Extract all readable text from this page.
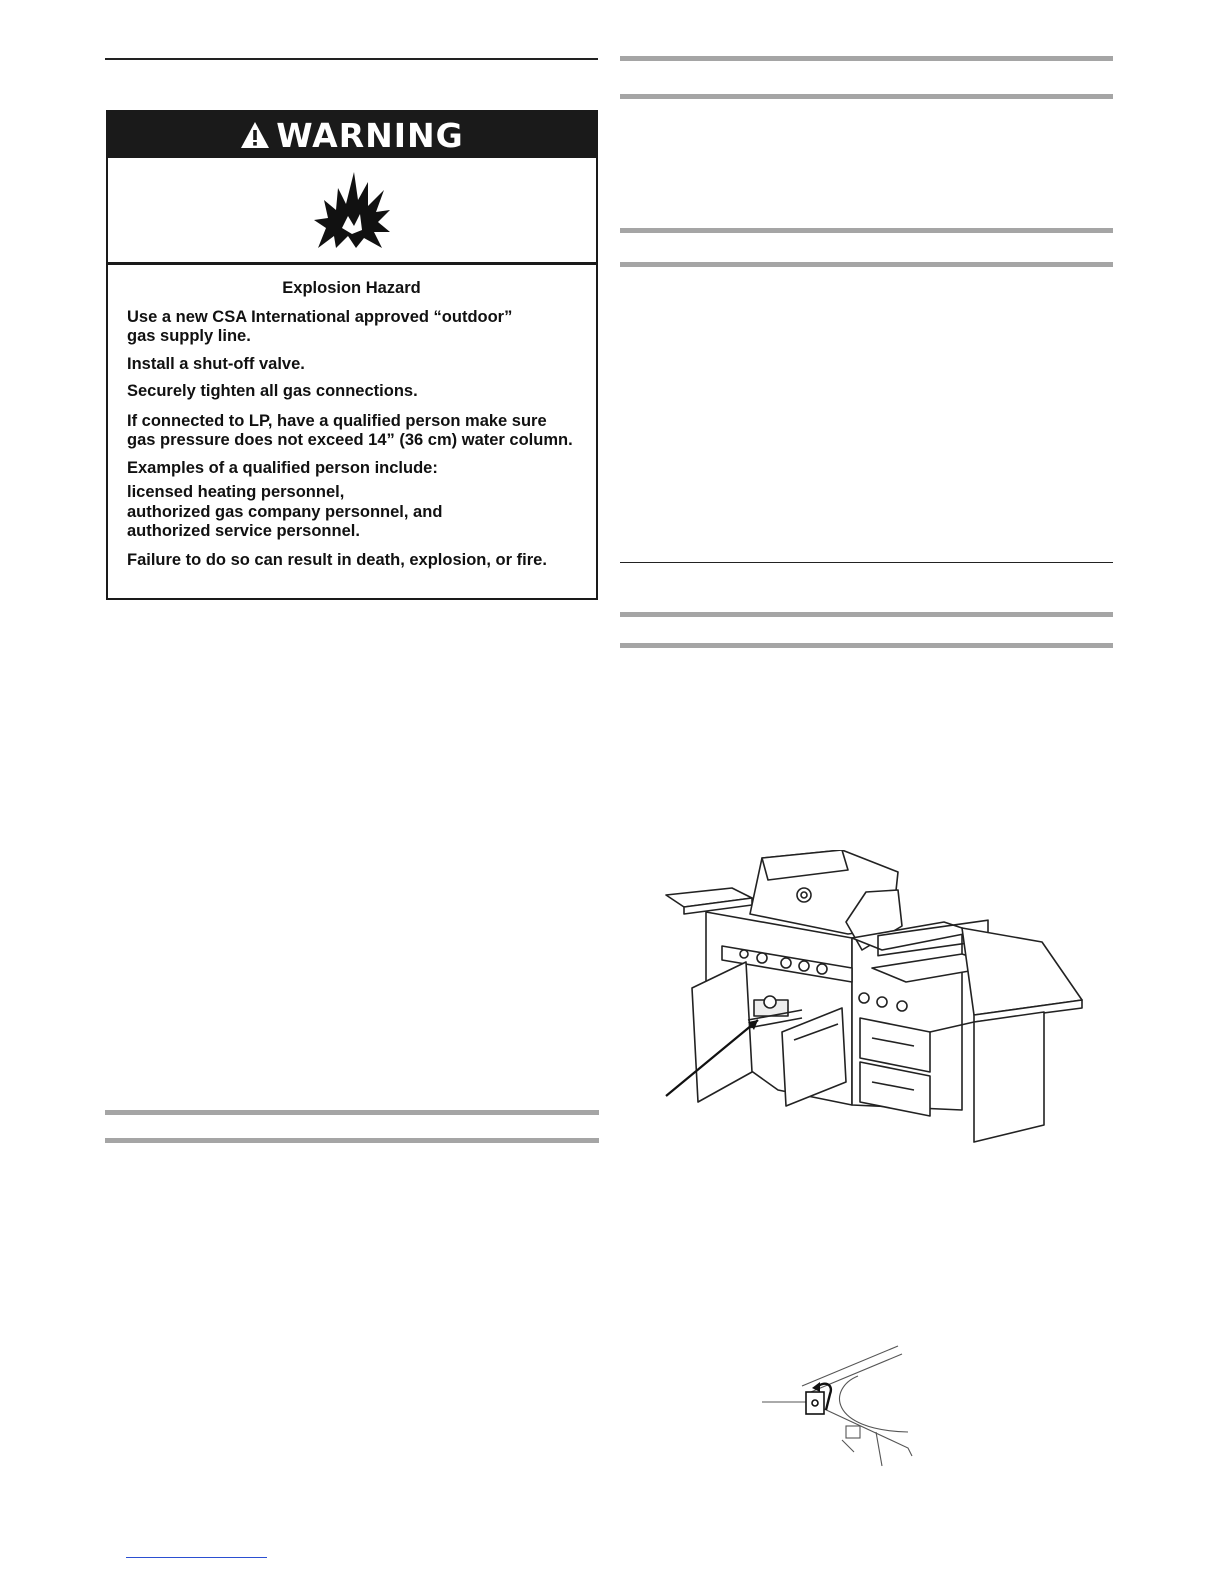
WARNING
Explosion Hazard

Use a new CSA International approved “outdoor” gas supply line.

Install a shut-off valve.

Securely tighten all gas connections.

If connected to LP, have a qualified person make sure gas pressure does not exceed 14” (36 cm) water column.

Examples of a qualified person include:

licensed heating personnel,
authorized gas company personnel, and
authorized service personnel.

Failure to do so can result in death, explosion, or fire.
